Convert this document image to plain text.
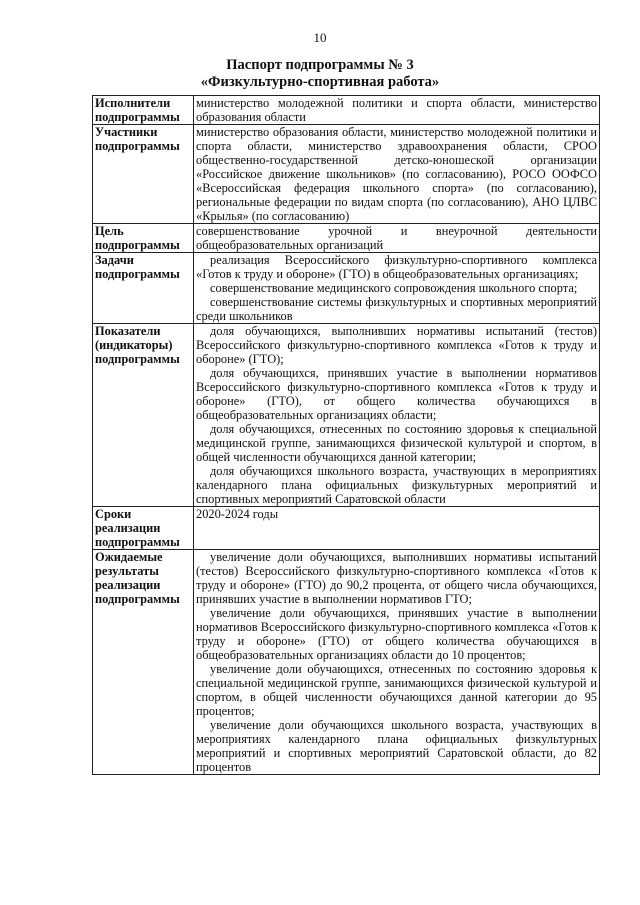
10
Паспорт подпрограммы № 3
«Физкультурно-спортивная работа»
Исполнители подпрограммы	министерство молодежной политики и спорта области, министерство образования области

Участники подпрограммы	министерство образования области, министерство молодежной политики и спорта области, министерство здравоохранения области, СРОО общественно-государственной детско-юношеской организации «Российское движение школьников» (по согласованию), РОСО ООФСО «Всероссийская федерация школьного спорта» (по согласованию), региональные федерации по видам спорта (по согласованию), АНО ЦЛВС «Крылья» (по согласованию)

Цель подпрограммы	совершенствование урочной и внеурочной деятельности общеобразовательных организаций

Задачи подпрограммы	реализация Всероссийского физкультурно-спортивного комплекса «Готов к труду и обороне» (ГТО) в общеобразовательных организациях;

совершенствование медицинского сопровождения школьного спорта;

совершенствование системы физкультурных и спортивных мероприятий среди школьников

Показатели (индикаторы) подпрограммы	доля обучающихся, выполнивших нормативы испытаний (тестов) Всероссийского физкультурно-спортивного комплекса «Готов к труду и обороне» (ГТО);

доля обучающихся, принявших участие в выполнении нормативов Всероссийского физкультурно-спортивного комплекса «Готов к труду и обороне» (ГТО), от общего количества обучающихся в общеобразовательных организациях области;

доля обучающихся, отнесенных по состоянию здоровья к специальной медицинской группе, занимающихся физической культурой и спортом, в общей численности обучающихся данной категории;

доля обучающихся школьного возраста, участвующих в мероприятиях календарного плана официальных физкультурных мероприятий и спортивных мероприятий Саратовской области

Сроки реализации подпрограммы	2020-2024 годы

Ожидаемые результаты реализации подпрограммы	увеличение доли обучающихся, выполнивших нормативы испытаний (тестов) Всероссийского физкультурно-спортивного комплекса «Готов к труду и обороне» (ГТО) до 90,2 процента, от общего числа обучающихся, принявших участие в выполнении нормативов ГТО;

увеличение доли обучающихся, принявших участие в выполнении нормативов Всероссийского физкультурно-спортивного комплекса «Готов к труду и обороне» (ГТО) от общего количества обучающихся в общеобразовательных организациях области до 10 процентов;

увеличение доли обучающихся, отнесенных по состоянию здоровья к специальной медицинской группе, занимающихся физической культурой и спортом, в общей численности обучающихся данной категории до 95 процентов;

увеличение доли обучающихся школьного возраста, участвующих в мероприятиях календарного плана официальных физкультурных мероприятий и спортивных мероприятий Саратовской области, до 82 процентов
